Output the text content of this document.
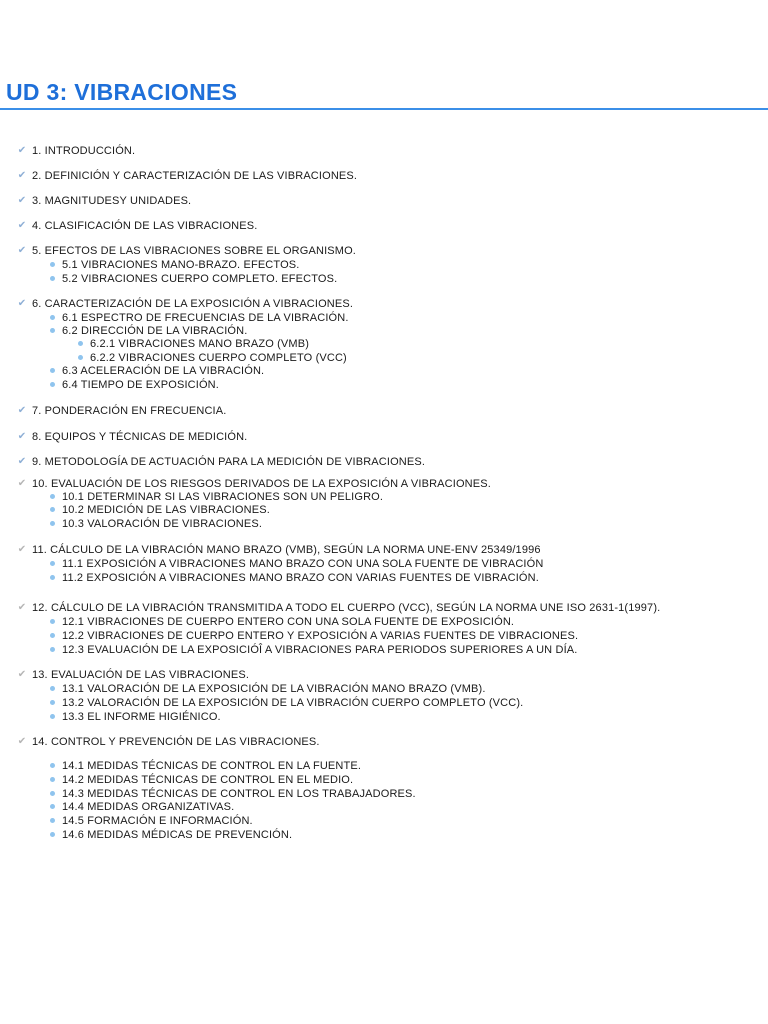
UD 3: VIBRACIONES
✔ 1. INTRODUCCIÓN.
✔ 2. DEFINICIÓN Y CARACTERIZACIÓN DE LAS VIBRACIONES.
✔ 3. MAGNITUDESY UNIDADES.
✔ 4. CLASIFICACIÓN DE LAS VIBRACIONES.
✔ 5. EFECTOS DE LAS VIBRACIONES SOBRE EL ORGANISMO.
5.1 VIBRACIONES MANO-BRAZO. EFECTOS.
5.2 VIBRACIONES CUERPO COMPLETO. EFECTOS.
✔ 6. CARACTERIZACIÓN DE LA EXPOSICIÓN A VIBRACIONES.
6.1 ESPECTRO DE FRECUENCIAS DE LA VIBRACIÓN.
6.2 DIRECCIÓN DE LA VIBRACIÓN.
6.2.1 VIBRACIONES MANO BRAZO (VMB)
6.2.2 VIBRACIONES CUERPO COMPLETO (VCC)
6.3 ACELERACIÓN DE LA VIBRACIÓN.
6.4 TIEMPO DE EXPOSICIÓN.
✔ 7. PONDERACIÓN EN FRECUENCIA.
✔ 8. EQUIPOS Y TÉCNICAS DE MEDICIÓN.
✔ 9. METODOLOGÍA DE ACTUACIÓN PARA LA MEDICIÓN DE VIBRACIONES.
✔ 10. EVALUACIÓN DE LOS RIESGOS DERIVADOS DE LA EXPOSICIÓN A VIBRACIONES.
10.1 DETERMINAR SI LAS VIBRACIONES SON UN PELIGRO.
10.2 MEDICIÓN DE LAS VIBRACIONES.
10.3 VALORACIÓN DE VIBRACIONES.
✔ 11. CÁLCULO DE LA VIBRACIÓN MANO BRAZO (VMB), SEGÚN LA NORMA UNE-ENV 25349/1996
11.1 EXPOSICIÓN A VIBRACIONES MANO BRAZO CON UNA SOLA FUENTE DE VIBRACIÓN
11.2 EXPOSICIÓN A VIBRACIONES MANO BRAZO CON VARIAS FUENTES DE VIBRACIÓN.
✔ 12. CÁLCULO DE LA VIBRACIÓN TRANSMITIDA A TODO EL CUERPO (VCC), SEGÚN LA NORMA UNE ISO 2631-1(1997).
12.1 VIBRACIONES DE CUERPO ENTERO CON UNA SOLA FUENTE DE EXPOSICIÓN.
12.2 VIBRACIONES DE CUERPO ENTERO Y EXPOSICIÓN A VARIAS FUENTES DE VIBRACIONES.
12.3 EVALUACIÓN DE LA EXPOSICIÓÎ A VIBRACIONES PARA PERIODOS SUPERIORES A UN DÍA.
✔ 13. EVALUACIÓN DE LAS VIBRACIONES.
13.1 VALORACIÓN DE LA EXPOSICIÓN DE LA VIBRACIÓN MANO BRAZO (VMB).
13.2 VALORACIÓN DE LA EXPOSICIÓN DE LA VIBRACIÓN CUERPO COMPLETO (VCC).
13.3 EL INFORME HIGIÉNICO.
✔ 14. CONTROL Y PREVENCIÓN DE LAS VIBRACIONES.
14.1 MEDIDAS TÉCNICAS DE CONTROL EN LA FUENTE.
14.2 MEDIDAS TÉCNICAS DE CONTROL EN EL MEDIO.
14.3 MEDIDAS TÉCNICAS DE CONTROL EN LOS TRABAJADORES.
14.4 MEDIDAS ORGANIZATIVAS.
14.5 FORMACIÓN E INFORMACIÓN.
14.6 MEDIDAS MÉDICAS DE PREVENCIÓN.
